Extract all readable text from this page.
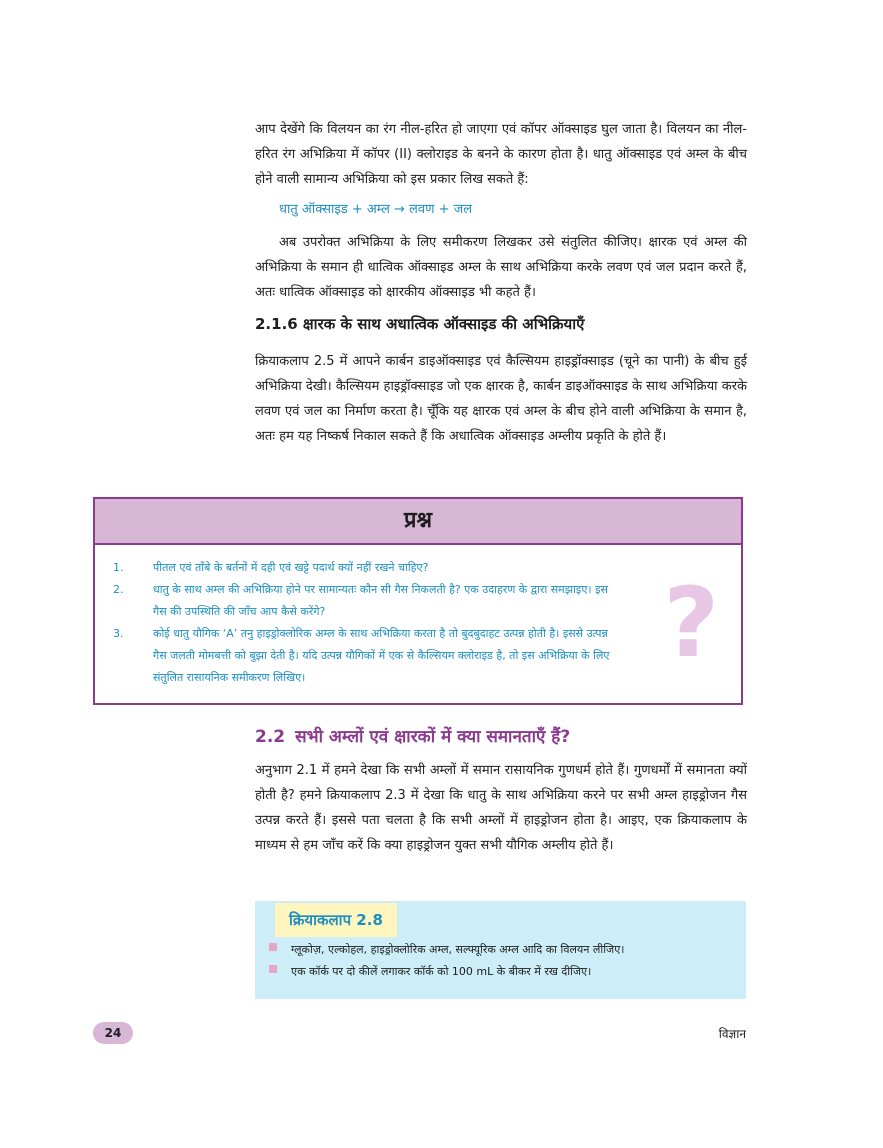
आप देखेंगे कि विलयन का रंग नील-हरित हो जाएगा एवं कॉपर ऑक्साइड घुल जाता है। विलयन का नील-हरित रंग अभिक्रिया में कॉपर (II) क्लोराइड के बनने के कारण होता है। धातु ऑक्साइड एवं अम्ल के बीच होने वाली सामान्य अभिक्रिया को इस प्रकार लिख सकते हैं:

धातु ऑक्साइड + अम्ल → लवण + जल

अब उपरोक्त अभिक्रिया के लिए समीकरण लिखकर उसे संतुलित कीजिए। क्षारक एवं अम्ल की अभिक्रिया के समान ही धात्विक ऑक्साइड अम्ल के साथ अभिक्रिया करके लवण एवं जल प्रदान करते हैं, अतः धात्विक ऑक्साइड को क्षारकीय ऑक्साइड भी कहते हैं।

2.1.6 क्षारक के साथ अधात्विक ऑक्साइड की अभिक्रियाएँ

क्रियाकलाप 2.5 में आपने कार्बन डाइऑक्साइड एवं कैल्सियम हाइड्रॉक्साइड (चूने का पानी) के बीच हुई अभिक्रिया देखी। कैल्सियम हाइड्रॉक्साइड जो एक क्षारक है, कार्बन डाइऑक्साइड के साथ अभिक्रिया करके लवण एवं जल का निर्माण करता है। चूँकि यह क्षारक एवं अम्ल के बीच होने वाली अभिक्रिया के समान है, अतः हम यह निष्कर्ष निकाल सकते हैं कि अधात्विक ऑक्साइड अम्लीय प्रकृति के होते हैं।

प्रश्न
1.	पीतल एवं ताँबे के बर्तनों में दही एवं खट्टे पदार्थ क्यों नहीं रखने चाहिए?
2.	धातु के साथ अम्ल की अभिक्रिया होने पर सामान्यतः कौन सी गैस निकलती है? एक उदाहरण के द्वारा समझाइए। इस गैस की उपस्थिति की जाँच आप कैसे करेंगे?
3.	कोई धातु यौगिक ‘A’ तनु हाइड्रोक्लोरिक अम्ल के साथ अभिक्रिया करता है तो बुदबुदाहट उत्पन्न होती है। इससे उत्पन्न गैस जलती मोमबत्ती को बुझा देती है। यदि उत्पन्न यौगिकों में एक से कैल्सियम क्लोराइड है, तो इस अभिक्रिया के लिए संतुलित रासायनिक समीकरण लिखिए।	?
2.2 सभी अम्लों एवं क्षारकों में क्या समानताएँ हैं?

अनुभाग 2.1 में हमने देखा कि सभी अम्लों में समान रासायनिक गुणधर्म होते हैं। गुणधर्मों में समानता क्यों होती है? हमने क्रियाकलाप 2.3 में देखा कि धातु के साथ अभिक्रिया करने पर सभी अम्ल हाइड्रोजन गैस उत्पन्न करते हैं। इससे पता चलता है कि सभी अम्लों में हाइड्रोजन होता है। आइए, एक क्रियाकलाप के माध्यम से हम जाँच करें कि क्या हाइड्रोजन युक्त सभी यौगिक अम्लीय होते हैं।

क्रियाकलाप 2.8
ग्लूकोज़, एल्कोहल, हाइड्रोक्लोरिक अम्ल, सल्फ्यूरिक अम्ल आदि का विलयन लीजिए।
एक कॉर्क पर दो कीलें लगाकर कॉर्क को 100 mL के बीकर में रख दीजिए।
24	विज्ञान
